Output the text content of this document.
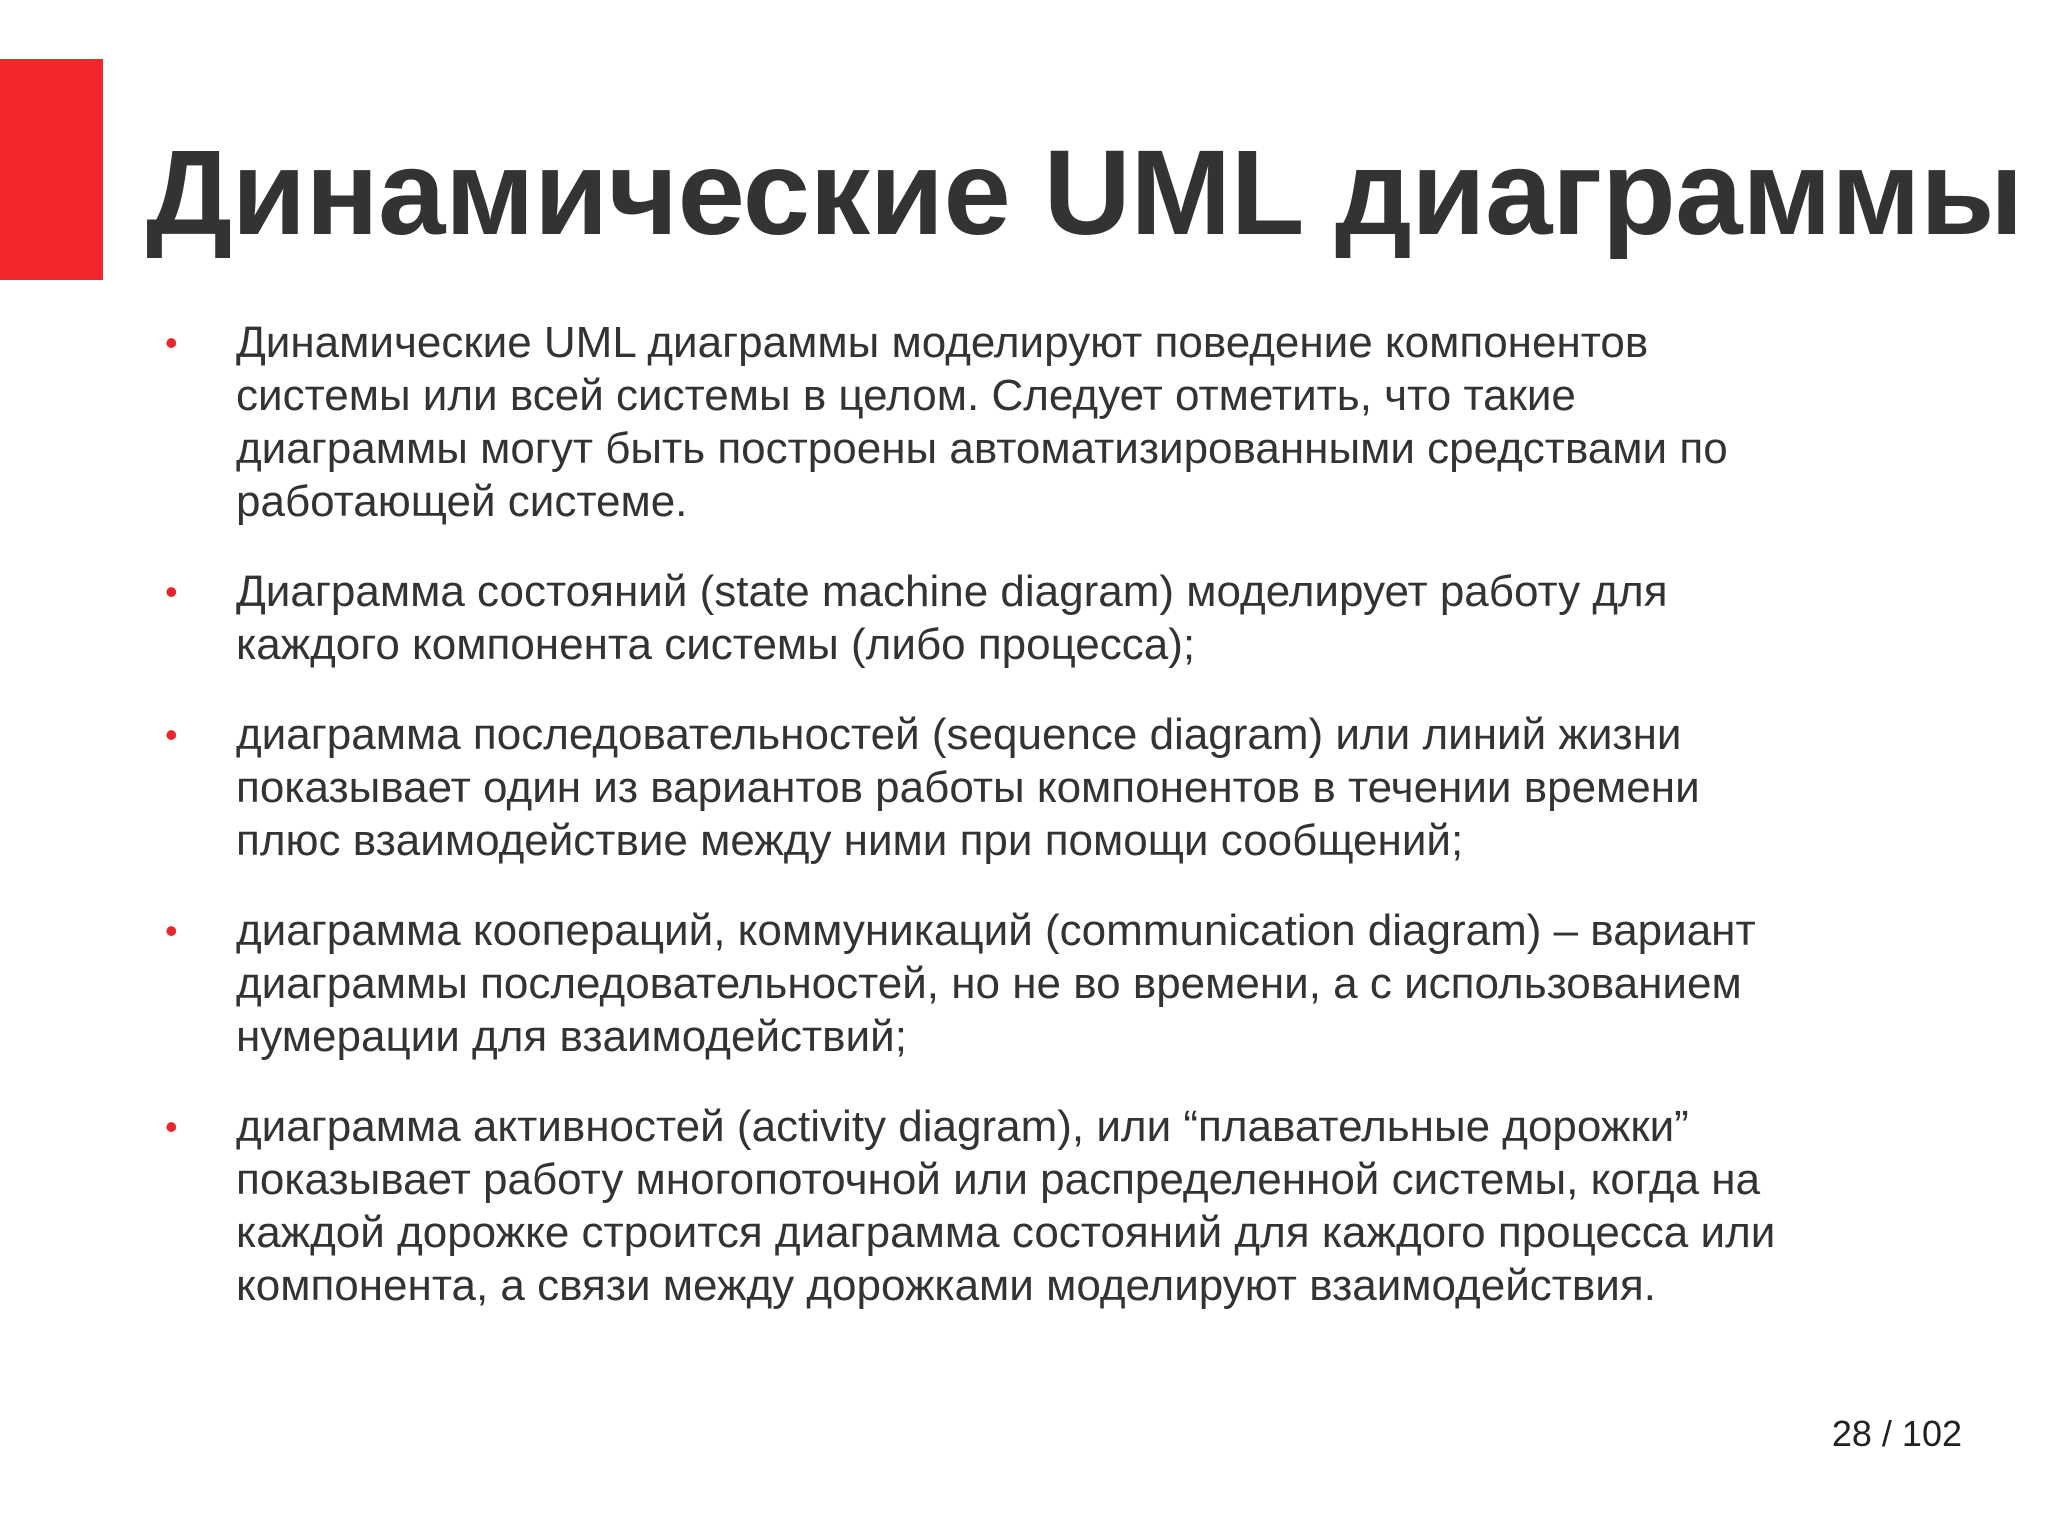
Динамические UML диаграммы
• Динамические UML диаграммы моделируют поведение компонентов
системы или всей системы в целом. Следует отметить, что такие
диаграммы могут быть построены автоматизированными средствами по
работающей системе.
• Диаграмма состояний (state machine diagram) моделирует работу для
каждого компонента системы (либо процесса);
• диаграмма последовательностей (sequence diagram) или линий жизни
показывает один из вариантов работы компонентов в течении времени
плюс взаимодействие между ними при помощи сообщений;
• диаграмма коопераций, коммуникаций (communication diagram) – вариант
диаграммы последовательностей, но не во времени, а с использованием
нумерации для взаимодействий;
• диаграмма активностей (activity diagram), или “плавательные дорожки”
показывает работу многопоточной или распределенной системы, когда на
каждой дорожке строится диаграмма состояний для каждого процесса или
компонента, а связи между дорожками моделируют взаимодействия.
28 / 102
